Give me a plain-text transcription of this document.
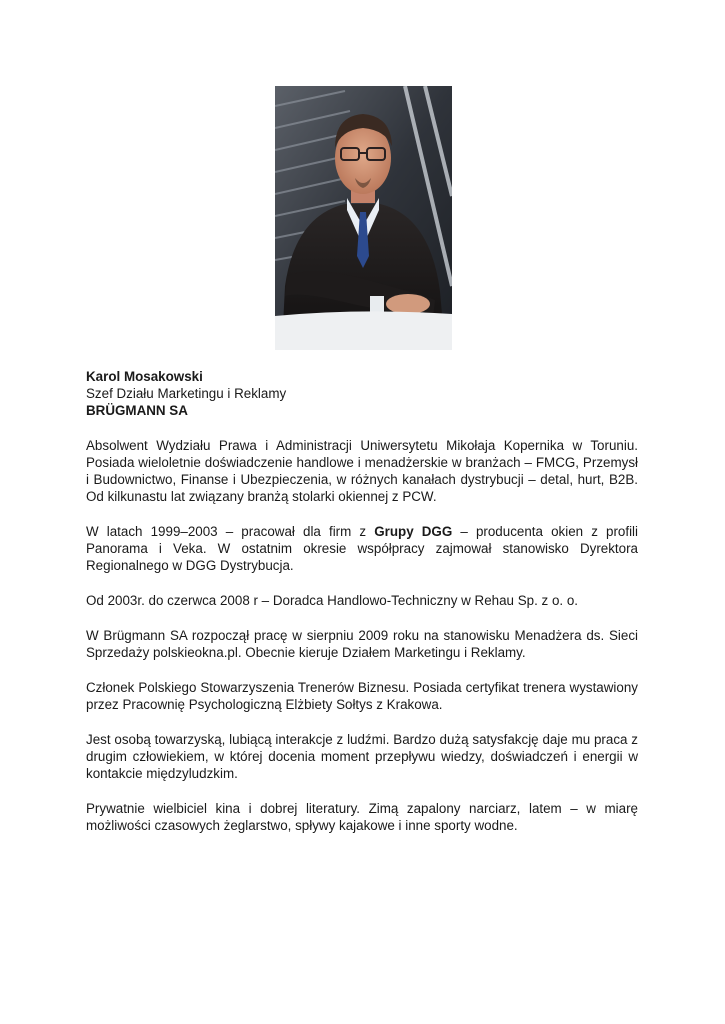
Karol Mosakowski
Szef Działu Marketingu i Reklamy
BRÜGMANN SA

Absolwent Wydziału Prawa i Administracji Uniwersytetu Mikołaja Kopernika w Toruniu. Posiada wieloletnie doświadczenie handlowe i menadżerskie w branżach – FMCG, Przemysł i Budownictwo, Finanse i Ubezpieczenia, w różnych kanałach dystrybucji – detal, hurt, B2B. Od kilkunastu lat związany branżą stolarki okiennej z PCW.

W latach 1999–2003 – pracował dla firm z Grupy DGG – producenta okien z profili Panorama i Veka. W ostatnim okresie współpracy zajmował stanowisko Dyrektora Regionalnego w DGG Dystrybucja.

Od 2003r. do czerwca 2008 r – Doradca Handlowo-Techniczny w Rehau Sp. z o. o.

W Brügmann SA rozpoczął pracę w sierpniu 2009 roku na stanowisku Menadżera ds. Sieci Sprzedaży polskieokna.pl. Obecnie kieruje Działem Marketingu i Reklamy.

Członek Polskiego Stowarzyszenia Trenerów Biznesu. Posiada certyfikat trenera wystawiony przez Pracownię Psychologiczną Elżbiety Sołtys z Krakowa.

Jest osobą towarzyską, lubiącą interakcje z ludźmi. Bardzo dużą satysfakcję daje mu praca z drugim człowiekiem, w której docenia moment przepływu wiedzy, doświadczeń i energii w kontakcie międzyludzkim.

Prywatnie wielbiciel kina i dobrej literatury. Zimą zapalony narciarz, latem – w miarę możliwości czasowych żeglarstwo, spływy kajakowe i inne sporty wodne.
